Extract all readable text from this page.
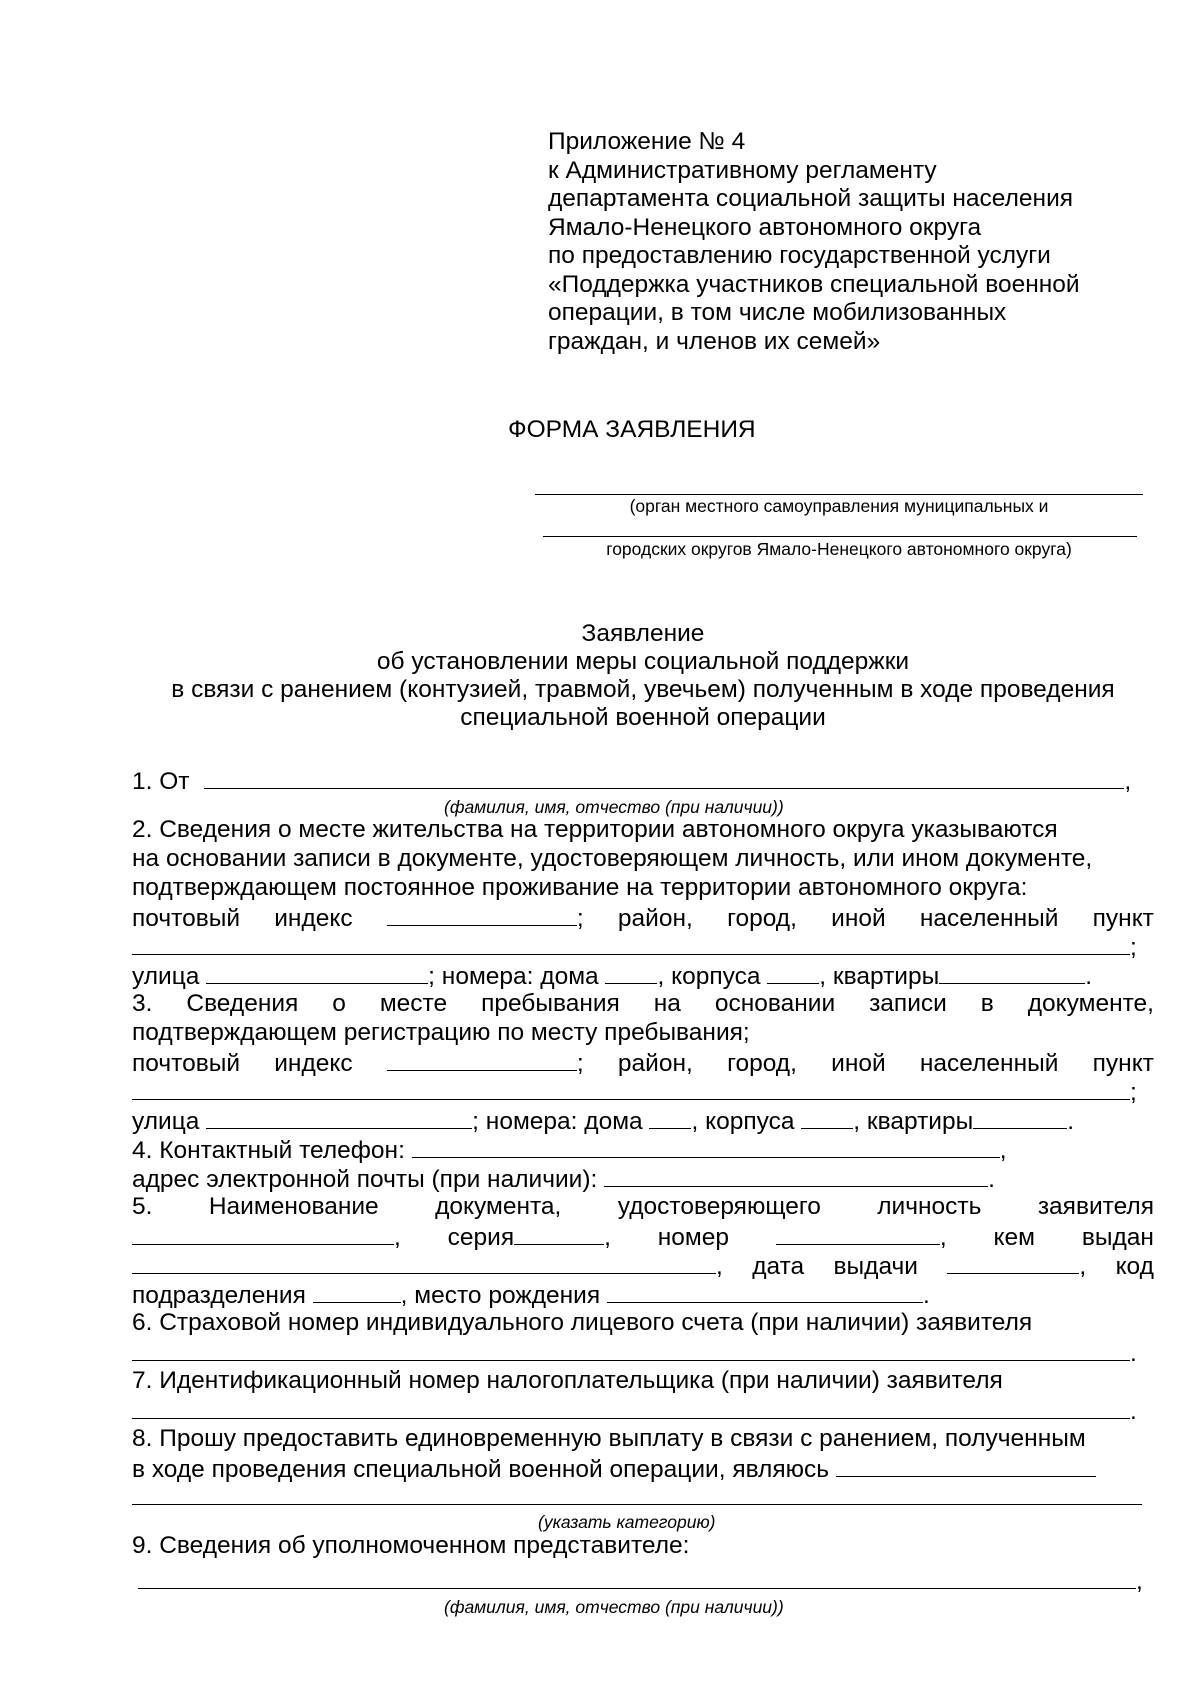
Приложение № 4
к Административному регламенту
департамента социальной защиты населения
Ямало-Ненецкого автономного округа
по предоставлению государственной услуги
«Поддержка участников специальной военной
операции, в том числе мобилизованных
граждан, и членов их семей»
ФОРМА ЗАЯВЛЕНИЯ
(орган местного самоуправления муниципальных и
городских округов Ямало-Ненецкого автономного округа)
Заявление
об установлении меры социальной поддержки
в связи с ранением (контузией, травмой, увечьем) полученным в ходе проведения
специальной военной операции
1. От	,
(фамилия, имя, отчество (при наличии))
2. Сведения о месте жительства на территории автономного округа указываются
на основании записи в документе, удостоверяющем личность, или ином документе,
подтверждающем постоянное проживание на территории автономного округа:
почтовый индекс	; район, город, иной населенный пункт
;
улица	; номера: дома , корпуса , квартиры	.
3. Сведения о месте пребывания на основании записи в документе,
подтверждающем регистрацию по месту пребывания;
почтовый индекс	; район, город, иной населенный пункт
;
улица	; номера: дома , корпуса , квартиры	.
4. Контактный телефон:	,
адрес электронной почты (при наличии):	.
5. Наименование документа, удостоверяющего личность заявителя
, серия	, номер	, кем выдан
, дата выдачи	, код
подразделения	, место рождения	.
6. Страховой номер индивидуального лицевого счета (при наличии) заявителя
.
7. Идентификационный номер налогоплательщика (при наличии) заявителя
.
8. Прошу предоставить единовременную выплату в связи с ранением, полученным
в ходе проведения специальной военной операции, являюсь
(указать категорию)
9. Сведения об уполномоченном представителе:
,
(фамилия, имя, отчество (при наличии))
